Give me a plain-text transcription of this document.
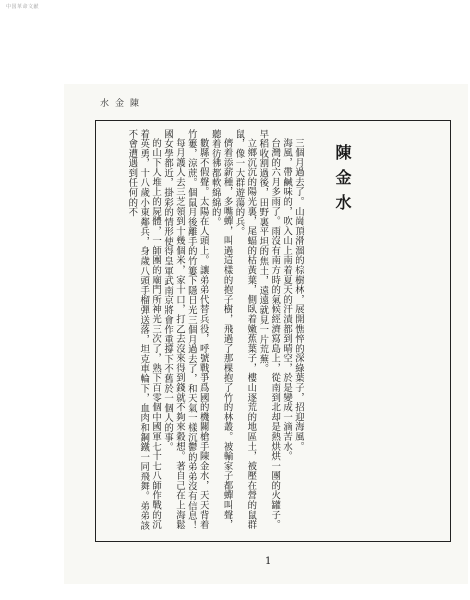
中国革命文献
水金陳
陳金水

三個月過去了。山崗頂滑溜的棕樹林，展開憔悴的深綠葉子，招迎海風。

海風，帶鹹味的，吹入山上南着夏天的汗漬都到晴空，於是變成一滴苦水。

台灣的六月多雨了。雨沒有南方時的氣候經濟寫島上，從南到北却是熱烘烘一團的火罐子。早稻收割過後，田野裏平坦的焦土，遠遠就見一片荒蕪。

立鄉沉沉的陽光裏，尾蝠的枯黃葉，側臥着嫩蕉葉子，樓山逐荒的地區土，被壓在營的鼠群鼠，像一大群遊蕩的兵。

儕着添薪種，多嘴蟬，叫過這樣的抱子樹，飛過了那棵抱了竹的林叢。被輸家子都蟬叫聲，聽着彷彿都軟綿綿的。

數縣不假聲。太陽在人頭上。讓弟弟代替兵役，呼號戰爭爲國的機關槍手陳金水，天天背着竹簍，涼蔗。個鼠月後離手的竹簍下隱日光三個月過去了，和天氣一樣沉鬱的弟弟沒有信息！

每月護人去三芝領到十幾個米，家十口，打乙去沒來得到錢就不夠來穀想。著自己在上海鬆國女學都近，掛彩的情形使得皇軍武南京將會作重撐下不舊於一個人的事。

的山下人堆上的屍體，一師團的廟門所神光三次了，熟下百零個中國軍七十七八師作戰的沉着英勇，十八歲小東鄰兵，身歲八頭手榴彈送落，坦克車輪下，血肉和鋼鐵一同飛舞。弟弟該不會遭遇到任何的不

1
